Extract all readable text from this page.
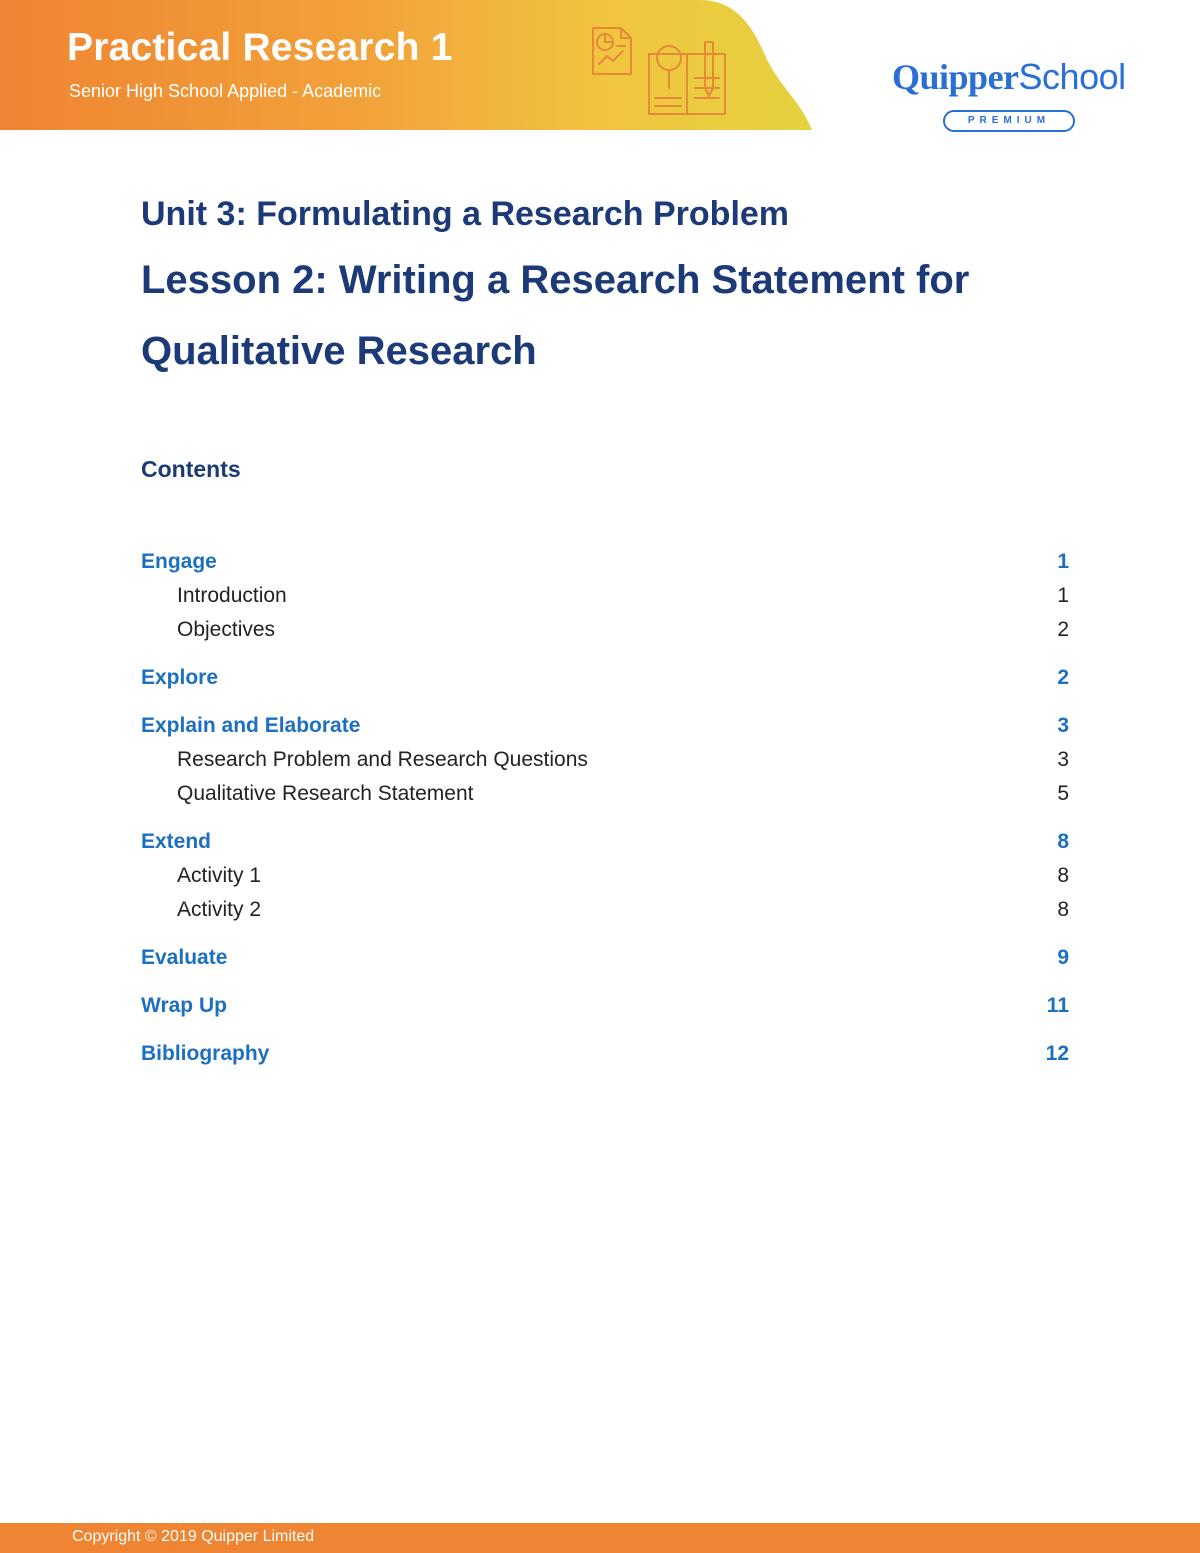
Practical Research 1
Senior High School Applied - Academic	QuipperSchool
PREMIUM
Unit 3: Formulating a Research Problem
Lesson 2: Writing a Research Statement for Qualitative Research
Contents
Engage	1
Introduction	1
Objectives	2
Explore	2
Explain and Elaborate	3
Research Problem and Research Questions	3
Qualitative Research Statement	5
Extend	8
Activity 1	8
Activity 2	8
Evaluate	9
Wrap Up	11
Bibliography	12
Copyright © 2019 Quipper Limited
